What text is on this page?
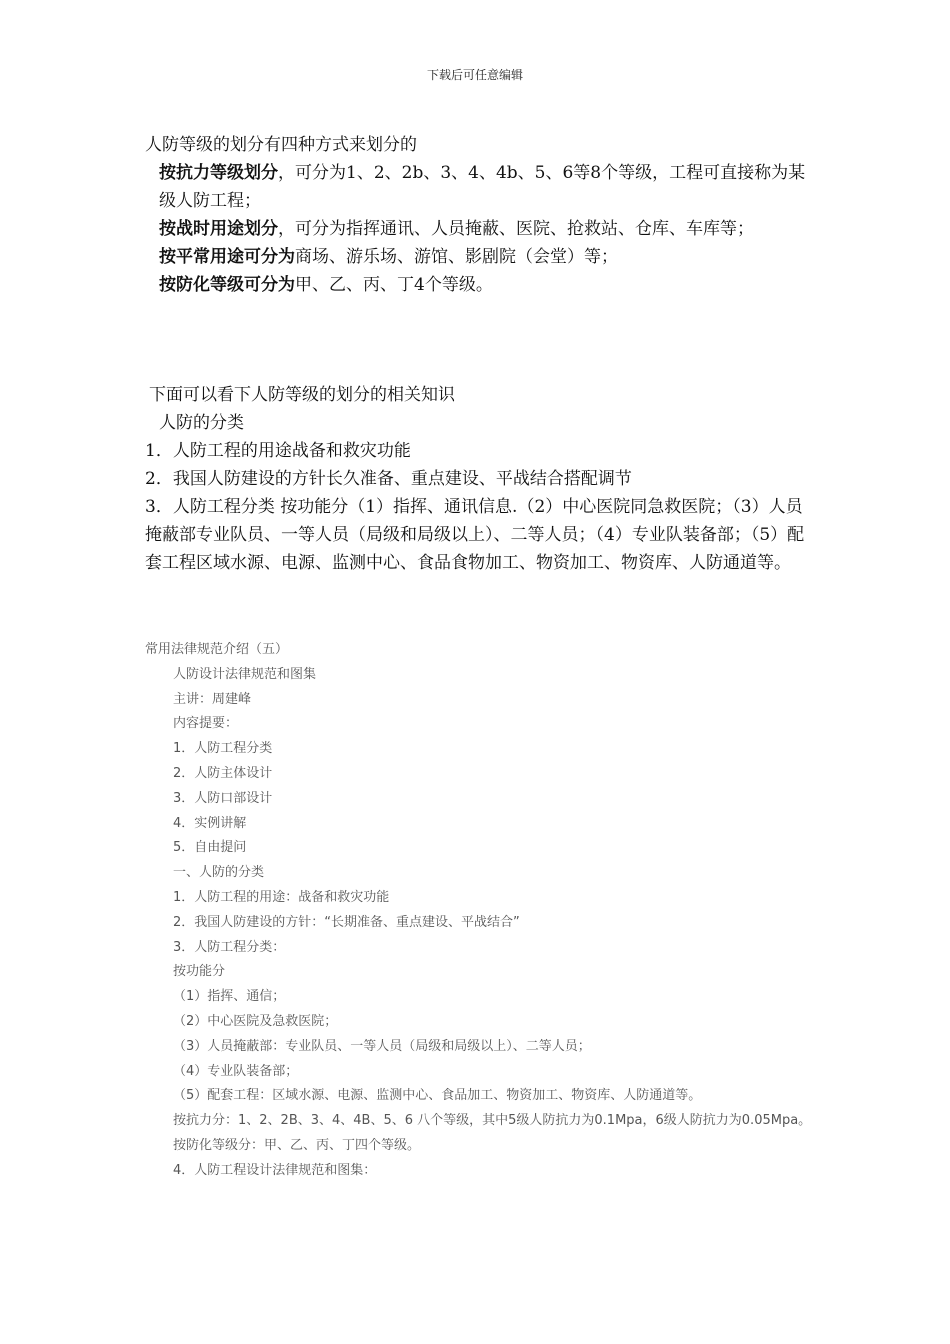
下载后可任意编辑

人防等级的划分有四种方式来划分的

按抗力等级划分，可分为1、2、2b、3、4、4b、5、6等8个等级，工程可直接称为某级人防工程；

按战时用途划分，可分为指挥通讯、人员掩蔽、医院、抢救站、仓库、车库等；

按平常用途可分为商场、游乐场、游馆、影剧院（会堂）等；

按防化等级可分为甲、乙、丙、丁4个等级。

下面可以看下人防等级的划分的相关知识

人防的分类

1．人防工程的用途战备和救灾功能

2．我国人防建设的方针长久准备、重点建设、平战结合搭配调节

3．人防工程分类 按功能分（1）指挥、通讯信息.（2）中心医院同急救医院；（3）人员掩蔽部专业队员、一等人员（局级和局级以上）、二等人员；（4）专业队装备部；（5）配套工程区域水源、电源、监测中心、食品食物加工、物资加工、物资库、人防通道等。

常用法律规范介绍（五）

人防设计法律规范和图集

主讲：周建峰

内容提要：

1．人防工程分类

2．人防主体设计

3．人防口部设计

4．实例讲解

5．自由提问

一、人防的分类

1．人防工程的用途：战备和救灾功能

2．我国人防建设的方针：“长期准备、重点建设、平战结合”

3．人防工程分类：

按功能分

（1）指挥、通信；

（2）中心医院及急救医院；

（3）人员掩蔽部：专业队员、一等人员（局级和局级以上）、二等人员；

（4）专业队装备部；

（5）配套工程：区域水源、电源、监测中心、食品加工、物资加工、物资库、人防通道等。

按抗力分：1、2、2B、3、4、4B、5、6 八个等级，其中5级人防抗力为0.1Mpa，6级人防抗力为0.05Mpa。

按防化等级分：甲、乙、丙、丁四个等级。

4．人防工程设计法律规范和图集：
